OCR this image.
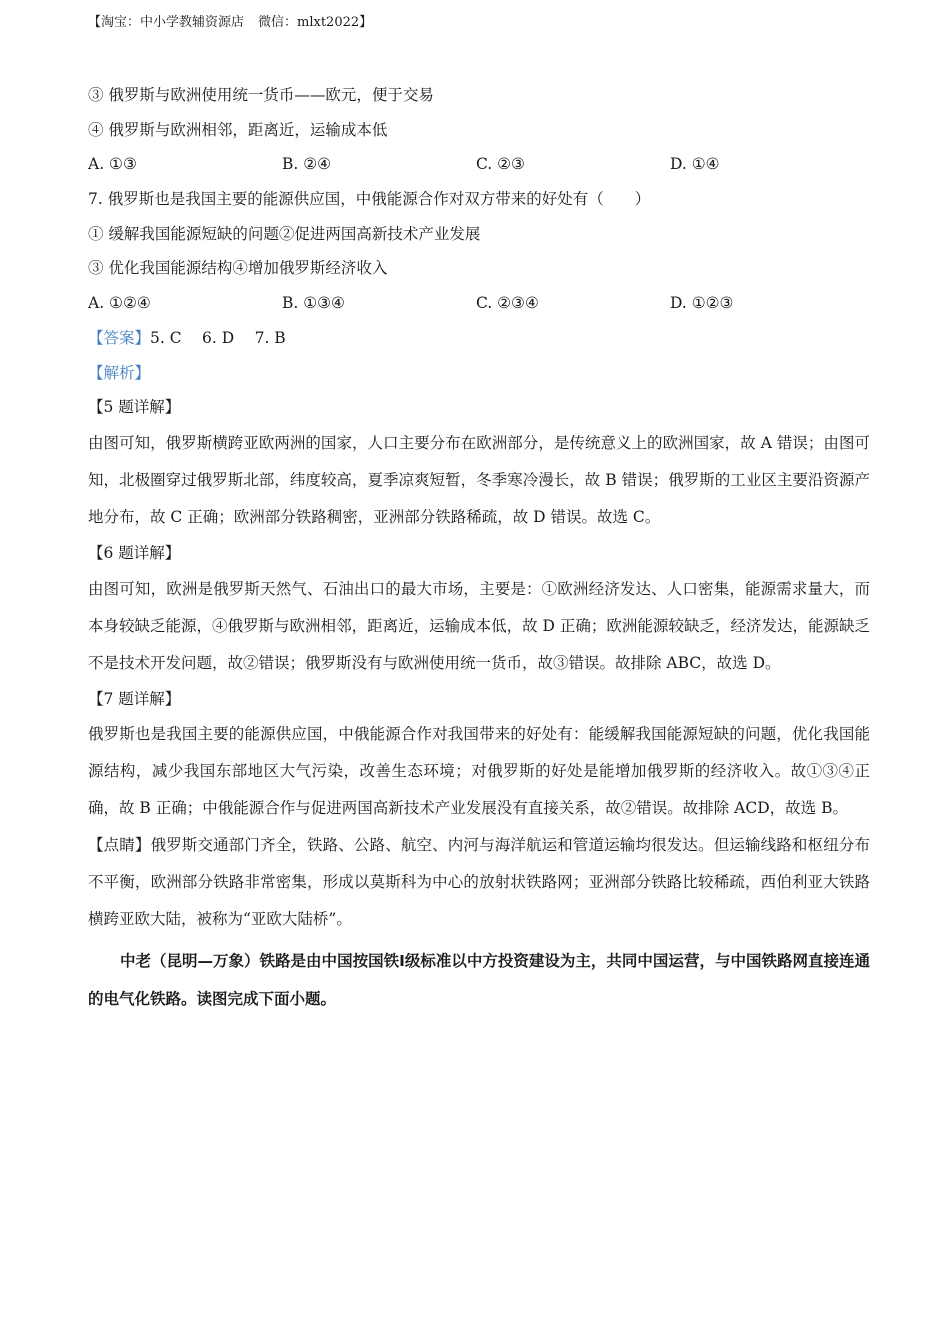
【淘宝：中小学教辅资源店 微信：mlxt2022】
③ 俄罗斯与欧洲使用统一货币——欧元，便于交易
④ 俄罗斯与欧洲相邻，距离近，运输成本低
A. ①③	B. ②④	C. ②③	D. ①④
7. 俄罗斯也是我国主要的能源供应国，中俄能源合作对双方带来的好处有（　　）
① 缓解我国能源短缺的问题②促进两国高新技术产业发展
③ 优化我国能源结构④增加俄罗斯经济收入
A. ①②④	B. ①③④	C. ②③④	D. ①②③
【答案】5. C　 6. D　 7. B
【解析】
【5 题详解】

由图可知，俄罗斯横跨亚欧两洲的国家，人口主要分布在欧洲部分，是传统意义上的欧洲国家，故 A 错误；由图可知，北极圈穿过俄罗斯北部，纬度较高，夏季凉爽短暂，冬季寒冷漫长，故 B 错误；俄罗斯的工业区主要沿资源产地分布，故 C 正确；欧洲部分铁路稠密，亚洲部分铁路稀疏，故 D 错误。故选 C。

【6 题详解】

由图可知，欧洲是俄罗斯天然气、石油出口的最大市场，主要是：①欧洲经济发达、人口密集，能源需求量大，而本身较缺乏能源，④俄罗斯与欧洲相邻，距离近，运输成本低，故 D 正确；欧洲能源较缺乏，经济发达，能源缺乏不是技术开发问题，故②错误；俄罗斯没有与欧洲使用统一货币，故③错误。故排除 ABC，故选 D。

【7 题详解】

俄罗斯也是我国主要的能源供应国，中俄能源合作对我国带来的好处有：能缓解我国能源短缺的问题，优化我国能源结构，减少我国东部地区大气污染，改善生态环境；对俄罗斯的好处是能增加俄罗斯的经济收入。故①③④正确，故 B 正确；中俄能源合作与促进两国高新技术产业发展没有直接关系，故②错误。故排除 ACD，故选 B。

【点睛】俄罗斯交通部门齐全，铁路、公路、航空、内河与海洋航运和管道运输均很发达。但运输线路和枢纽分布不平衡，欧洲部分铁路非常密集，形成以莫斯科为中心的放射状铁路网；亚洲部分铁路比较稀疏，西伯利亚大铁路横跨亚欧大陆，被称为“亚欧大陆桥”。

中老（昆明—万象）铁路是由中国按国铁Ⅰ级标准以中方投资建设为主，共同中国运营，与中国铁路网直接连通的电气化铁路。读图完成下面小题。
